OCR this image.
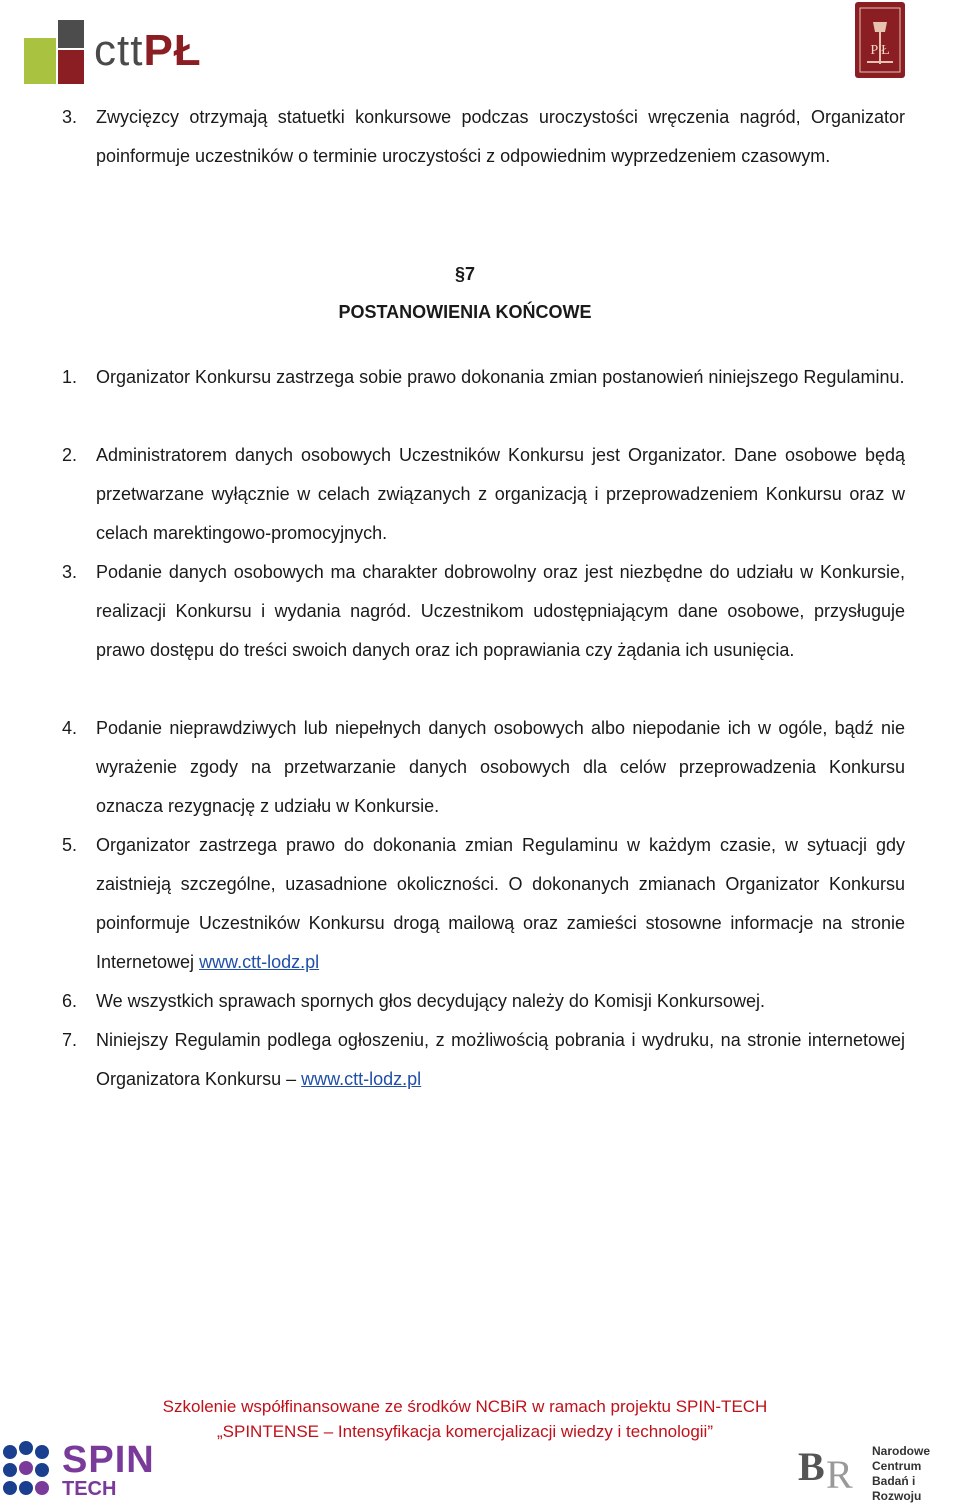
cttPŁ	P Ł
3. Zwycięzcy otrzymają statuetki konkursowe podczas uroczystości wręczenia nagród, Organizator poinformuje uczestników o terminie uroczystości z odpowiednim wyprzedzeniem czasowym.
§7
POSTANOWIENIA KOŃCOWE
1. Organizator Konkursu zastrzega sobie prawo dokonania zmian postanowień niniejszego Regulaminu.
2. Administratorem danych osobowych Uczestników Konkursu jest Organizator. Dane osobowe będą przetwarzane wyłącznie w celach związanych z organizacją i przeprowadzeniem Konkursu oraz w celach marektingowo-promocyjnych.
3. Podanie danych osobowych ma charakter dobrowolny oraz jest niezbędne do udziału w Konkursie, realizacji Konkursu i wydania nagród. Uczestnikom udostępniającym dane osobowe, przysługuje prawo dostępu do treści swoich danych oraz ich poprawiania czy żądania ich usunięcia.
4. Podanie nieprawdziwych lub niepełnych danych osobowych albo niepodanie ich w ogóle, bądź nie wyrażenie zgody na przetwarzanie danych osobowych dla celów przeprowadzenia Konkursu oznacza rezygnację z udziału w Konkursie.
5. Organizator zastrzega prawo do dokonania zmian Regulaminu w każdym czasie, w sytuacji gdy zaistnieją szczególne, uzasadnione okoliczności. O dokonanych zmianach Organizator Konkursu poinformuje Uczestników Konkursu drogą mailową oraz zamieści stosowne informacje na stronie Internetowej www.ctt-lodz.pl
6. We wszystkich sprawach spornych głos decydujący należy do Komisji Konkursowej.
7. Niniejszy Regulamin podlega ogłoszeniu, z możliwością pobrania i wydruku, na stronie internetowej Organizatora Konkursu – www.ctt-lodz.pl
Szkolenie współfinansowane ze środków NCBiR w ramach projektu SPIN-TECH
„SPINTENSE – Intensyfikacja komercjalizacji wiedzy i technologii”
SPIN
TECH	B R
Narodowe Centrum
Badań i Rozwoju
